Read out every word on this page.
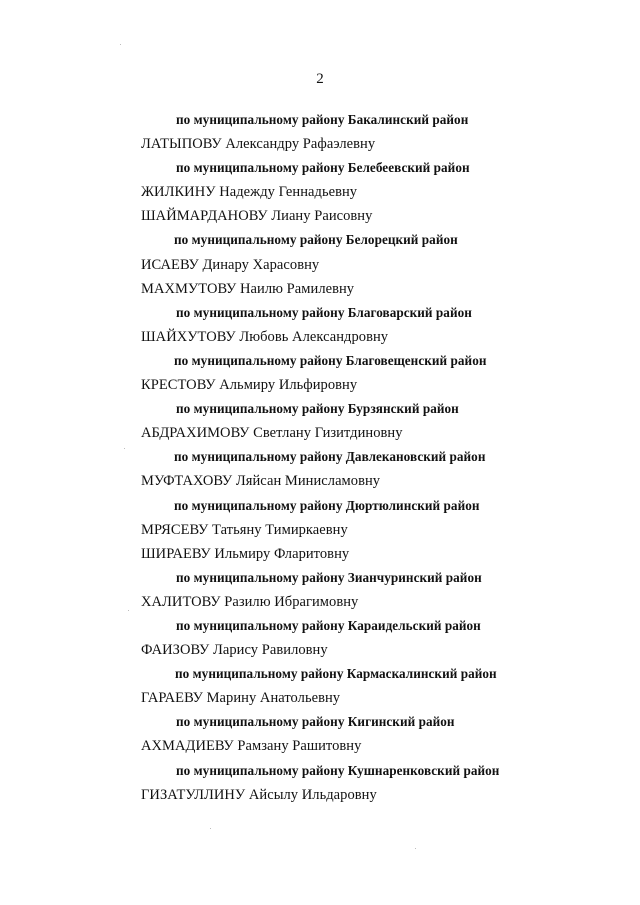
2
по муниципальному району Бакалинский район
ЛАТЫПОВУ Александру Рафаэлевну
по муниципальному району Белебеевский район
ЖИЛКИНУ Надежду Геннадьевну
ШАЙМАРДАНОВУ Лиану Раисовну
по муниципальному району Белорецкий район
ИСАЕВУ Динару Харасовну
МАХМУТОВУ Наилю Рамилевну
по муниципальному району Благоварский район
ШАЙХУТОВУ Любовь Александровну
по муниципальному району Благовещенский район
КРЕСТОВУ Альмиру Ильфировну
по муниципальному району Бурзянский район
АБДРАХИМОВУ Светлану Гизитдиновну
по муниципальному району Давлекановский район
МУФТАХОВУ Ляйсан Минисламовну
по муниципальному району Дюртюлинский район
МРЯСЕВУ Татьяну Тимиркаевну
ШИРАЕВУ Ильмиру Фларитовну
по муниципальному району Зианчуринский район
ХАЛИТОВУ Разилю Ибрагимовну
по муниципальному району Караидельский район
ФАИЗОВУ Ларису Равиловну
по муниципальному району Кармаскалинский район
ГАРАЕВУ Марину Анатольевну
по муниципальному району Кигинский район
АХМАДИЕВУ Рамзану Рашитовну
по муниципальному району Кушнаренковский район
ГИЗАТУЛЛИНУ Айсылу Ильдаровну
